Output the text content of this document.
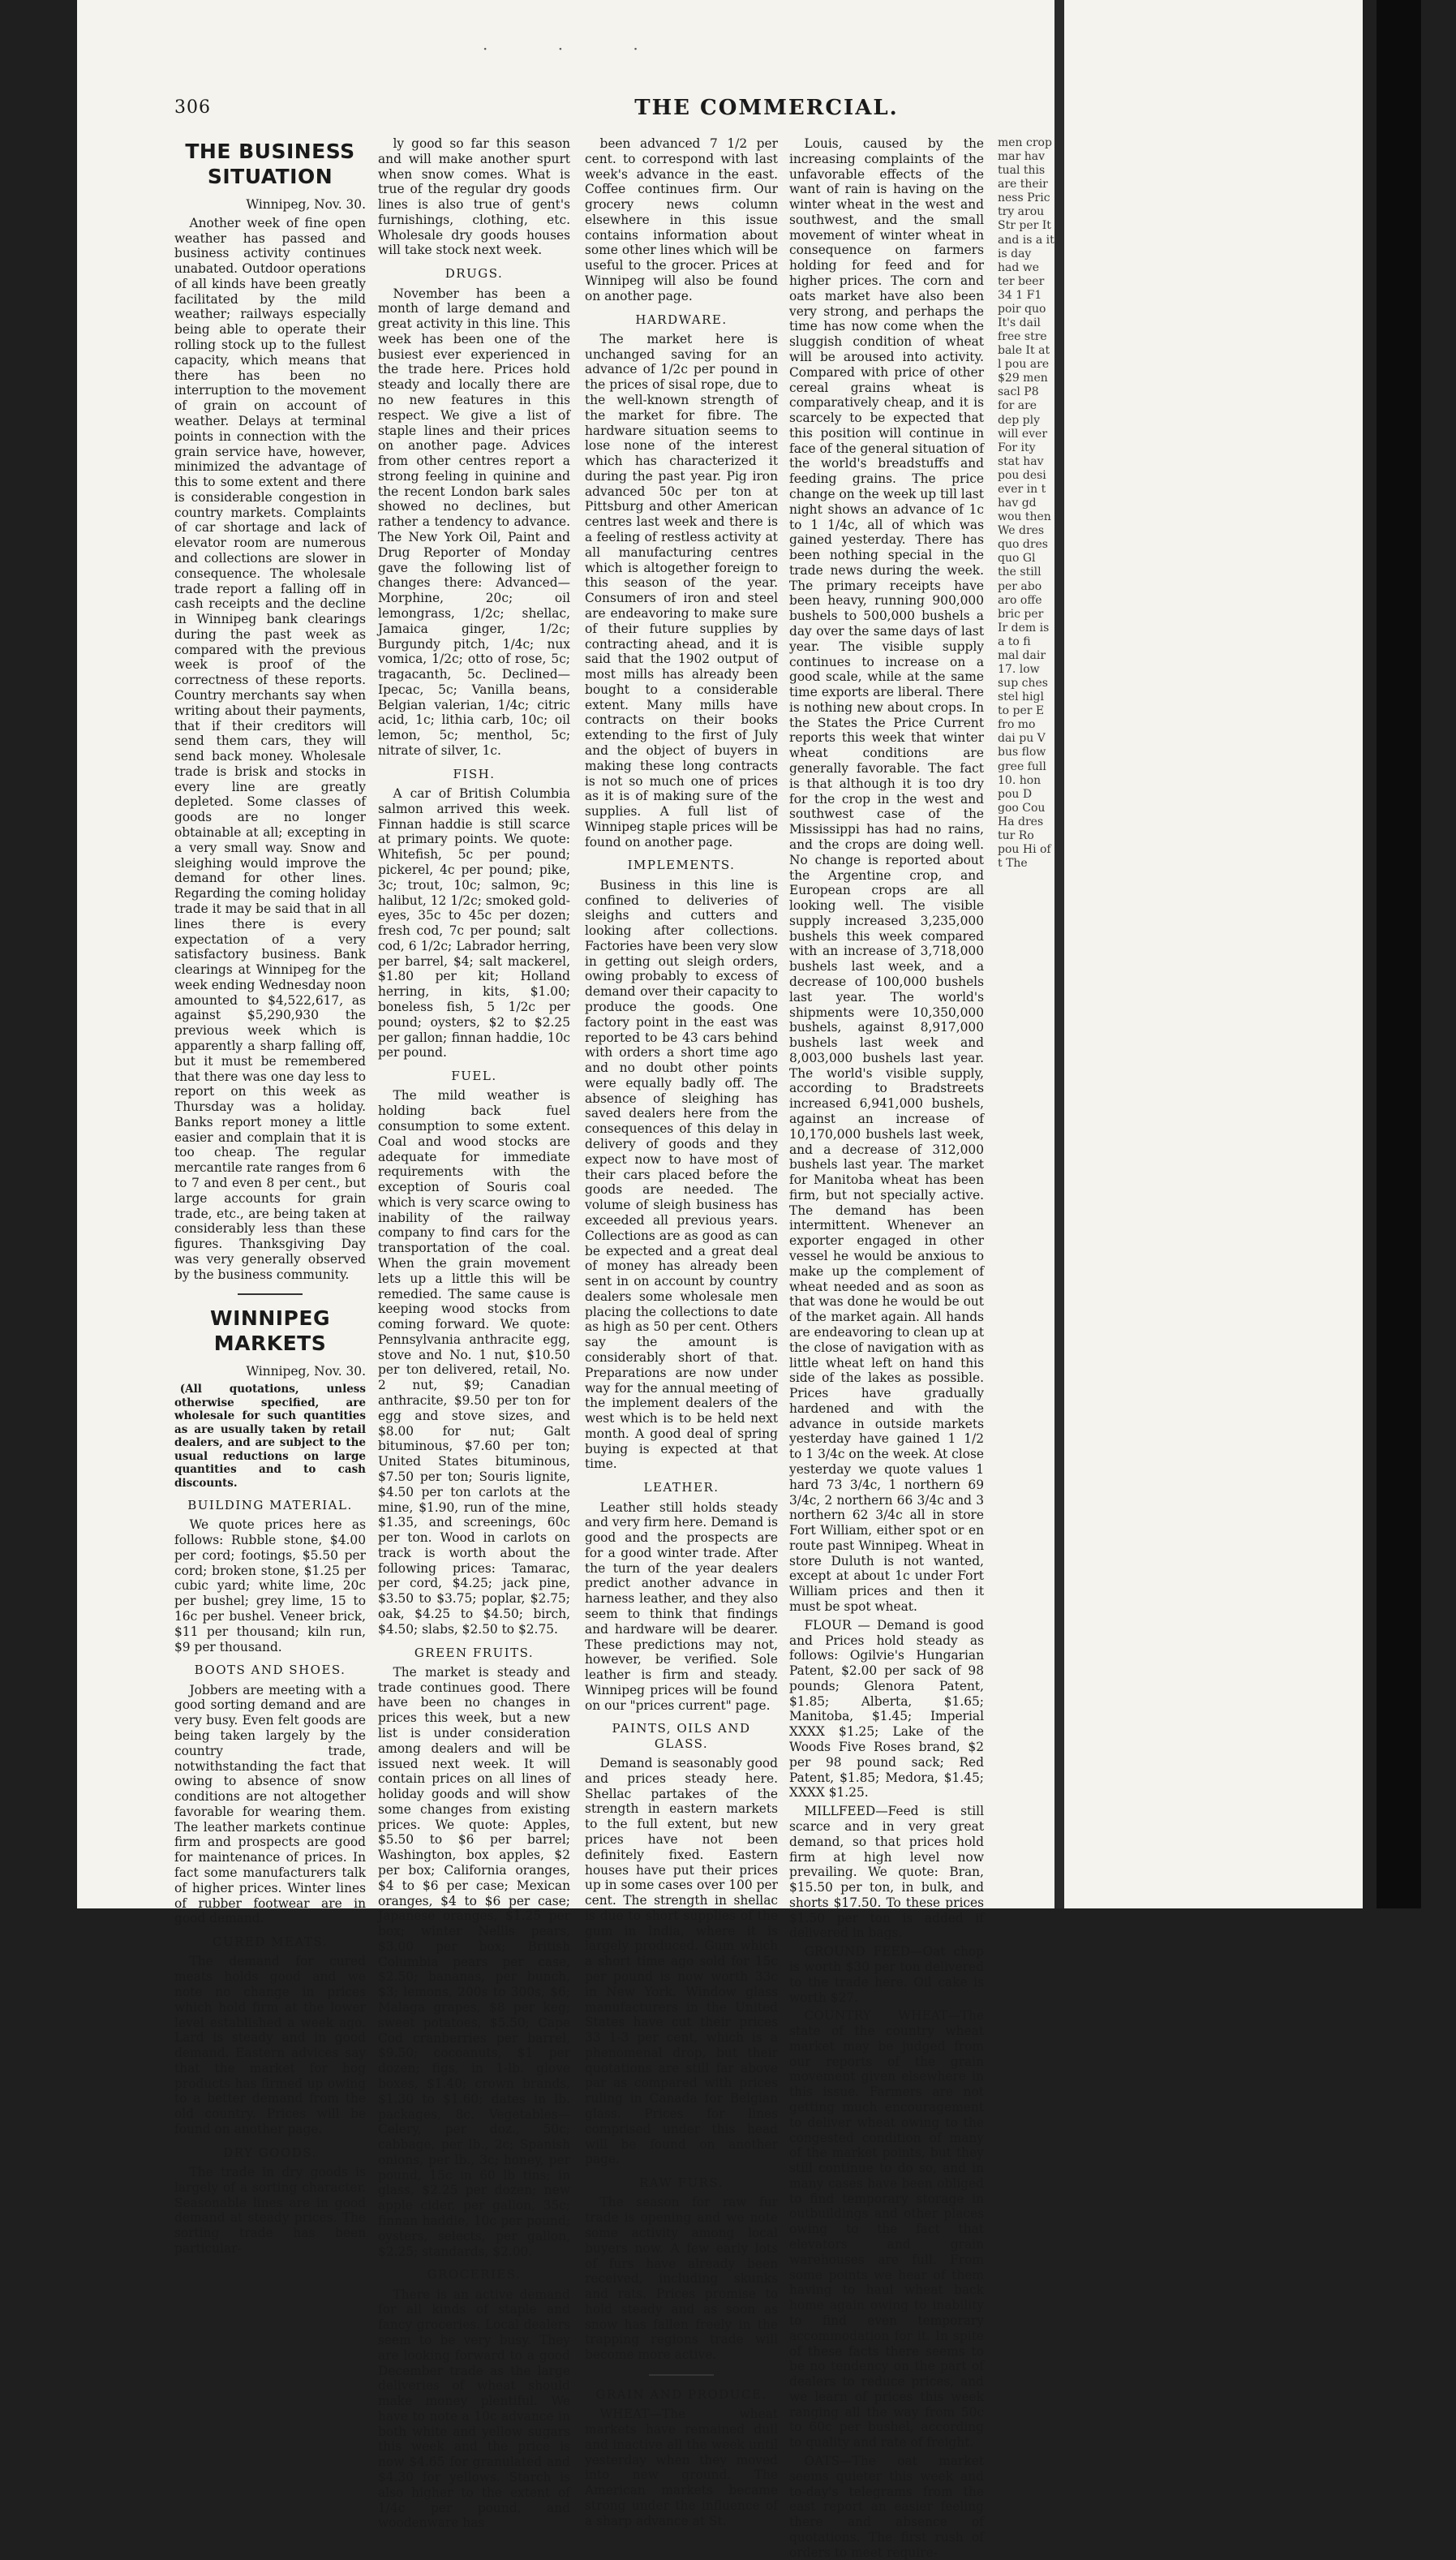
· · ·
306	THE COMMERCIAL.
THE BUSINESS SITUATION

Winnipeg, Nov. 30.

Another week of fine open weather has passed and business activity continues unabated. Outdoor operations of all kinds have been greatly facilitated by the mild weather; railways especially being able to operate their rolling stock up to the fullest capacity, which means that there has been no interruption to the movement of grain on account of weather. Delays at terminal points in connection with the grain service have, however, minimized the advantage of this to some extent and there is considerable congestion in country markets. Complaints of car shortage and lack of elevator room are numerous and collections are slower in consequence. The wholesale trade report a falling off in cash receipts and the decline in Winnipeg bank clearings during the past week as compared with the previous week is proof of the correctness of these reports. Country merchants say when writing about their payments, that if their creditors will send them cars, they will send back money. Wholesale trade is brisk and stocks in every line are greatly depleted. Some classes of goods are no longer obtainable at all; excepting in a very small way. Snow and sleighing would improve the demand for other lines. Regarding the coming holiday trade it may be said that in all lines there is every expectation of a very satisfactory business. Bank clearings at Winnipeg for the week ending Wednesday noon amounted to $4,522,617, as against $5,290,930 the previous week which is apparently a sharp falling off, but it must be remembered that there was one day less to report on this week as Thursday was a holiday. Banks report money a little easier and complain that it is too cheap. The regular mercantile rate ranges from 6 to 7 and even 8 per cent., but large accounts for grain trade, etc., are being taken at considerably less than these figures. Thanksgiving Day was very generally observed by the business community.

WINNIPEG MARKETS

Winnipeg, Nov. 30.

(All quotations, unless otherwise specified, are wholesale for such quantities as are usually taken by retail dealers, and are subject to the usual reductions on large quantities and to cash discounts.

BUILDING MATERIAL.

We quote prices here as follows: Rubble stone, $4.00 per cord; footings, $5.50 per cord; broken stone, $1.25 per cubic yard; white lime, 20c per bushel; grey lime, 15 to 16c per bushel. Veneer brick, $11 per thousand; kiln run, $9 per thousand.

BOOTS AND SHOES.

Jobbers are meeting with a good sorting demand and are very busy. Even felt goods are being taken largely by the country trade, notwithstanding the fact that owing to absence of snow conditions are not altogether favorable for wearing them. The leather markets continue firm and prospects are good for maintenance of prices. In fact some manufacturers talk of higher prices. Winter lines of rubber footwear are in good demand.

CURED MEATS.

The demand for cured meats holds good and we note no change in prices which hold firm at the lower level established a week ago. Lard is steady and in good demand. Eastern advices say that the market for hog products has firmed up owing to a better demand from the old country. Prices will be found on another page.

DRY GOODS.

The trade in dry goods is largely of a sorting character. Seasonable lines are in good demand at steady prices. The sorting trade has been particular-

ly good so far this season and will make another spurt when snow comes. What is true of the regular dry goods lines is also true of gent's furnishings, clothing, etc. Wholesale dry goods houses will take stock next week.

DRUGS.

November has been a month of large demand and great activity in this line. This week has been one of the busiest ever experienced in the trade here. Prices hold steady and locally there are no new features in this respect. We give a list of staple lines and their prices on another page. Advices from other centres report a strong feeling in quinine and the recent London bark sales showed no declines, but rather a tendency to advance. The New York Oil, Paint and Drug Reporter of Monday gave the following list of changes there: Advanced—Morphine, 20c; oil lemongrass, 1/2c; shellac, Jamaica ginger, 1/2c; Burgundy pitch, 1/4c; nux vomica, 1/2c; otto of rose, 5c; tragacanth, 5c. Declined—Ipecac, 5c; Vanilla beans, Belgian valerian, 1/4c; citric acid, 1c; lithia carb, 10c; oil lemon, 5c; menthol, 5c; nitrate of silver, 1c.

FISH.

A car of British Columbia salmon arrived this week. Finnan haddie is still scarce at primary points. We quote: Whitefish, 5c per pound; pickerel, 4c per pound; pike, 3c; trout, 10c; salmon, 9c; halibut, 12 1/2c; smoked gold-eyes, 35c to 45c per dozen; fresh cod, 7c per pound; salt cod, 6 1/2c; Labrador herring, per barrel, $4; salt mackerel, $1.80 per kit; Holland herring, in kits, $1.00; boneless fish, 5 1/2c per pound; oysters, $2 to $2.25 per gallon; finnan haddie, 10c per pound.

FUEL.

The mild weather is holding back fuel consumption to some extent. Coal and wood stocks are adequate for immediate requirements with the exception of Souris coal which is very scarce owing to inability of the railway company to find cars for the transportation of the coal. When the grain movement lets up a little this will be remedied. The same cause is keeping wood stocks from coming forward. We quote: Pennsylvania anthracite egg, stove and No. 1 nut, $10.50 per ton delivered, retail, No. 2 nut, $9; Canadian anthracite, $9.50 per ton for egg and stove sizes, and $8.00 for nut; Galt bituminous, $7.60 per ton; United States bituminous, $7.50 per ton; Souris lignite, $4.50 per ton carlots at the mine, $1.90, run of the mine, $1.35, and screenings, 60c per ton. Wood in carlots on track is worth about the following prices: Tamarac, per cord, $4.25; jack pine, $3.50 to $3.75; poplar, $2.75; oak, $4.25 to $4.50; birch, $4.50; slabs, $2.50 to $2.75.

GREEN FRUITS.

The market is steady and trade continues good. There have been no changes in prices this week, but a new list is under consideration among dealers and will be issued next week. It will contain prices on all lines of holiday goods and will show some changes from existing prices. We quote: Apples, $5.50 to $6 per barrel; Washington, box apples, $2 per box; California oranges, $4 to $6 per case; Mexican oranges, $4 to $6 per case; Japanese oranges, $1.25 per box; winter Nellis pears, $3.00 per box; British Columbia pears per case, $2.50; bananas, per bunch, $3; lemons, 200s to 300s, $6; Malaga grapes, $8 per keg; sweet potatoes, $5.50; Cape Cod cranberries per barrel, $9.50; cocoanuts, $1 per dozen; figs, in 1-lb. glove boxes, $1.40; crown brands, $1.30 to $1.60; dates in lb. packages, 8c. Vegetables—Celery, per doz., 50c; cabbage, per lb., 2c; Spanish onions, per lb., 3c; honey, per pound, 15c in 60 lb tins; in glass, $2.25 per dozen; new apple cider, per gallon, 35c; finnan haddie, 10c per pound; oysters, selects, per gallon, $2.25; standards, $2.00.

GROCERIES.

There is an active demand for all kinds of staple and fancy groceries. Local dealers seem to be very busy. They are looking forward to a good December trade as the large deliveries of wheat should make money plentiful. We have to note a 10c advance in both white and yellow sugars this week and the price is now $4.65 for granulated and $4.30 for yellows. Starch is also higher to the extent of 1/4c per pound, and woodenware has

been advanced 7 1/2 per cent. to correspond with last week's advance in the east. Coffee continues firm. Our grocery news column elsewhere in this issue contains information about some other lines which will be useful to the grocer. Prices at Winnipeg will also be found on another page.

HARDWARE.

The market here is unchanged saving for an advance of 1/2c per pound in the prices of sisal rope, due to the well-known strength of the market for fibre. The hardware situation seems to lose none of the interest which has characterized it during the past year. Pig iron advanced 50c per ton at Pittsburg and other American centres last week and there is a feeling of restless activity at all manufacturing centres which is altogether foreign to this season of the year. Consumers of iron and steel are endeavoring to make sure of their future supplies by contracting ahead, and it is said that the 1902 output of most mills has already been bought to a considerable extent. Many mills have contracts on their books extending to the first of July and the object of buyers in making these long contracts is not so much one of prices as it is of making sure of the supplies. A full list of Winnipeg staple prices will be found on another page.

IMPLEMENTS.

Business in this line is confined to deliveries of sleighs and cutters and looking after collections. Factories have been very slow in getting out sleigh orders, owing probably to excess of demand over their capacity to produce the goods. One factory point in the east was reported to be 43 cars behind with orders a short time ago and no doubt other points were equally badly off. The absence of sleighing has saved dealers here from the consequences of this delay in delivery of goods and they expect now to have most of their cars placed before the goods are needed. The volume of sleigh business has exceeded all previous years. Collections are as good as can be expected and a great deal of money has already been sent in on account by country dealers some wholesale men placing the collections to date as high as 50 per cent. Others say the amount is considerably short of that. Preparations are now under way for the annual meeting of the implement dealers of the west which is to be held next month. A good deal of spring buying is expected at that time.

LEATHER.

Leather still holds steady and very firm here. Demand is good and the prospects are for a good winter trade. After the turn of the year dealers predict another advance in harness leather, and they also seem to think that findings and hardware will be dearer. These predictions may not, however, be verified. Sole leather is firm and steady. Winnipeg prices will be found on our "prices current" page.

PAINTS, OILS AND GLASS.

Demand is seasonably good and prices steady here. Shellac partakes of the strength in eastern markets to the full extent, but new prices have not been definitely fixed. Eastern houses have put their prices up in some cases over 100 per cent. The strength in shellac is due to short supplies of the gum in India, where it is largely produced. Gum which a short time ago sold for 15c per pound is now worth 33c in New York. Window glass manufacturers in the United States have cut their prices 33 1-3 per cent, which is a phenomenal drop, but their quotations are still far above par as compared with prices ruling in Canada for Belgian glass. Prices for lines comprised under this head will be found on another page.

RAW FURS.

The season for raw fur trade is opening and we note some activity among local buyers now. A few early lots of furs have already been received, including skunks and rats. Prices promise to hold steady and as soon as snow has fallen freely in the trapping regions trade will become more active.

GRAIN AND PRODUCE.

WHEAT—The wheat markets have remained dull and inactive all the week until yesterday when they moved into new ground. The American markets became strong under the influence of a sharp advance at St.

Louis, caused by the increasing complaints of the unfavorable effects of the want of rain is having on the winter wheat in the west and southwest, and the small movement of winter wheat in consequence on farmers holding for feed and for higher prices. The corn and oats market have also been very strong, and perhaps the time has now come when the sluggish condition of wheat will be aroused into activity. Compared with price of other cereal grains wheat is comparatively cheap, and it is scarcely to be expected that this position will continue in face of the general situation of the world's breadstuffs and feeding grains. The price change on the week up till last night shows an advance of 1c to 1 1/4c, all of which was gained yesterday. There has been nothing special in the trade news during the week. The primary receipts have been heavy, running 900,000 bushels to 500,000 bushels a day over the same days of last year. The visible supply continues to increase on a good scale, while at the same time exports are liberal. There is nothing new about crops. In the States the Price Current reports this week that winter wheat conditions are generally favorable. The fact is that although it is too dry for the crop in the west and southwest case of the Mississippi has had no rains, and the crops are doing well. No change is reported about the Argentine crop, and European crops are all looking well. The visible supply increased 3,235,000 bushels this week compared with an increase of 3,718,000 bushels last week, and a decrease of 100,000 bushels last year. The world's shipments were 10,350,000 bushels, against 8,917,000 bushels last week and 8,003,000 bushels last year. The world's visible supply, according to Bradstreets increased 6,941,000 bushels, against an increase of 10,170,000 bushels last week, and a decrease of 312,000 bushels last year. The market for Manitoba wheat has been firm, but not specially active. The demand has been intermittent. Whenever an exporter engaged in other vessel he would be anxious to make up the complement of wheat needed and as soon as that was done he would be out of the market again. All hands are endeavoring to clean up at the close of navigation with as little wheat left on hand this side of the lakes as possible. Prices have gradually hardened and with the advance in outside markets yesterday have gained 1 1/2 to 1 3/4c on the week. At close yesterday we quote values 1 hard 73 3/4c, 1 northern 69 3/4c, 2 northern 66 3/4c and 3 northern 62 3/4c all in store Fort William, either spot or en route past Winnipeg. Wheat in store Duluth is not wanted, except at about 1c under Fort William prices and then it must be spot wheat.

FLOUR — Demand is good and Prices hold steady as follows: Ogilvie's Hungarian Patent, $2.00 per sack of 98 pounds; Glenora Patent, $1.85; Alberta, $1.65; Manitoba, $1.45; Imperial XXXX $1.25; Lake of the Woods Five Roses brand, $2 per 98 pound sack; Red Patent, $1.85; Medora, $1.45; XXXX $1.25.

MILLFEED—Feed is still scarce and in very great demand, so that prices hold firm at high level now prevailing. We quote: Bran, $15.50 per ton, in bulk, and shorts $17.50. To these prices $1.50 per ton is added if delivered in bags.

GROUND FEED—Oat chop is worth $30 per ton delivered to the trade here. Oil cake is worth $27.

COUNTRY WHEAT—The state of the country wheat market may be judged from our reports of the grain movement given elsewhere in this issue. Farmers are not getting much encouragement to deliver wheat owing to the congested condition of many of the market points, but they still continue to do so, and in many cases have been obliged to find temporary storage in outbuildings and other places owing to the fact that elevators and grain warehouses are full. From some points we hear of them having to haul wheat back home again owing to inability to find even temporary accommodation for it. In spite of these facts there seems to be no tendency on the part of dealers to reduce prices, and we learn of prices this week ranging all the way from 50c to 60c per bushel, according to quality and rate of freight.

OATS—The oat market seems quieter this week and to-day's telegrams from the east report an easier feeling there and absence of quotations. The first rush of orders to meet require-

men crop mar hav tual this are their ness Pric try arou Str per It and is a it is day had we ter beer 34 1 F1 poir quo It's dail free stre bale It at l pou are $29 men sacl P8 for are dep ply will ever For ity stat hav pou desi ever in t hav gd wou then We dres quo dres quo Gl the still per abo aro offe bric per Ir dem is a to fi mal dair 17. low sup ches stel higl to per E fro mo dai pu V bus flow gree full 10. hon pou D goo Cou Ha dres tur Ro pou Hi of t The
